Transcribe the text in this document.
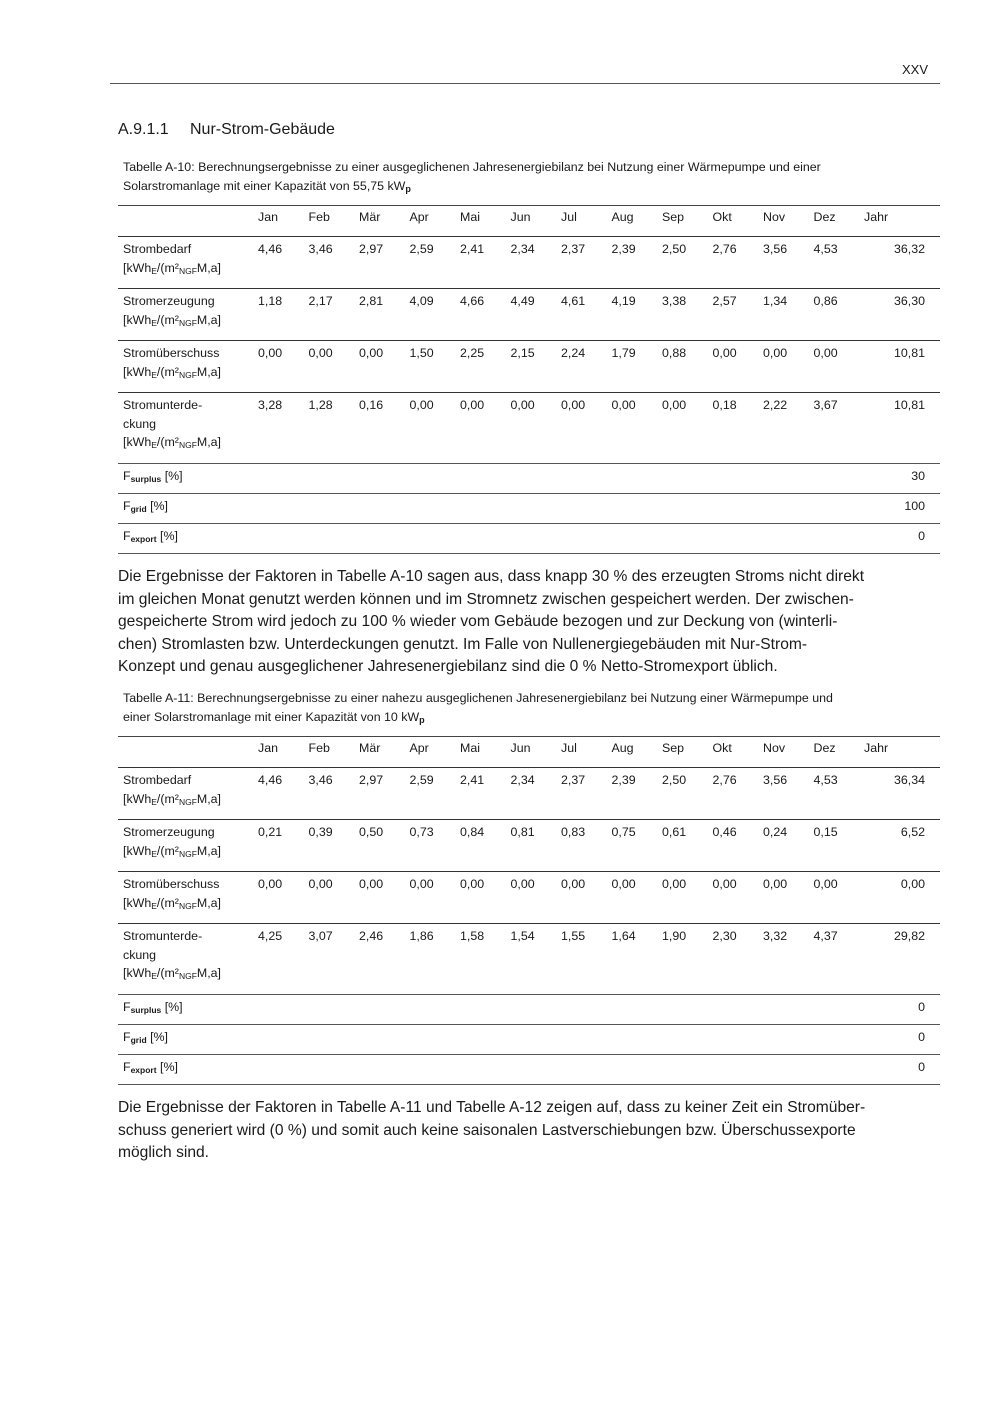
XXV
A.9.1.1 Nur-Strom-Gebäude
Tabelle A-10: Berechnungsergebnisse zu einer ausgeglichenen Jahresenergiebilanz bei Nutzung einer Wärmepumpe und einer
Solarstromanlage mit einer Kapazität von 55,75 $kW_p$
	Jan	Feb	Mär	Apr	Mai	Jun	Jul	Aug	Sep	Okt	Nov	Dez	Jahr

Strombedarf
[kWhE/(m²NGFM,a]	4,46	3,46	2,97	2,59	2,41	2,34	2,37	2,39	2,50	2,76	3,56	4,53	36,32

Stromerzeugung
[kWhE/(m²NGFM,a]	1,18	2,17	2,81	4,09	4,66	4,49	4,61	4,19	3,38	2,57	1,34	0,86	36,30

Stromüberschuss
[kWhE/(m²NGFM,a]	0,00	0,00	0,00	1,50	2,25	2,15	2,24	1,79	0,88	0,00	0,00	0,00	10,81

Stromunterde-
ckung
[kWhE/(m²NGFM,a]	3,28	1,28	0,16	0,00	0,00	0,00	0,00	0,00	0,00	0,18	2,22	3,67	10,81
Fsurplus [%]													30
Fgrid [%]													100
Fexport [%]													0
Die Ergebnisse der Faktoren in Tabelle A-10 sagen aus, dass knapp 30 % des erzeugten Stroms nicht direkt
im gleichen Monat genutzt werden können und im Stromnetz zwischen gespeichert werden. Der zwischen-
gespeicherte Strom wird jedoch zu 100 % wieder vom Gebäude bezogen und zur Deckung von (winterli-
chen) Stromlasten bzw. Unterdeckungen genutzt. Im Falle von Nullenergiegebäuden mit Nur-Strom-
Konzept und genau ausgeglichener Jahresenergiebilanz sind die 0 % Netto-Stromexport üblich.
Tabelle A-11: Berechnungsergebnisse zu einer nahezu ausgeglichenen Jahresenergiebilanz bei Nutzung einer Wärmepumpe und
einer Solarstromanlage mit einer Kapazität von 10 $kW_p$
	Jan	Feb	Mär	Apr	Mai	Jun	Jul	Aug	Sep	Okt	Nov	Dez	Jahr

Strombedarf
[kWhE/(m²NGFM,a]	4,46	3,46	2,97	2,59	2,41	2,34	2,37	2,39	2,50	2,76	3,56	4,53	36,34

Stromerzeugung
[kWhE/(m²NGFM,a]	0,21	0,39	0,50	0,73	0,84	0,81	0,83	0,75	0,61	0,46	0,24	0,15	6,52

Stromüberschuss
[kWhE/(m²NGFM,a]	0,00	0,00	0,00	0,00	0,00	0,00	0,00	0,00	0,00	0,00	0,00	0,00	0,00

Stromunterde-
ckung
[kWhE/(m²NGFM,a]	4,25	3,07	2,46	1,86	1,58	1,54	1,55	1,64	1,90	2,30	3,32	4,37	29,82
Fsurplus [%]													0
Fgrid [%]													0
Fexport [%]													0
Die Ergebnisse der Faktoren in Tabelle A-11 und Tabelle A-12 zeigen auf, dass zu keiner Zeit ein Stromüber-
schuss generiert wird (0 %) und somit auch keine saisonalen Lastverschiebungen bzw. Überschussexporte
möglich sind.
